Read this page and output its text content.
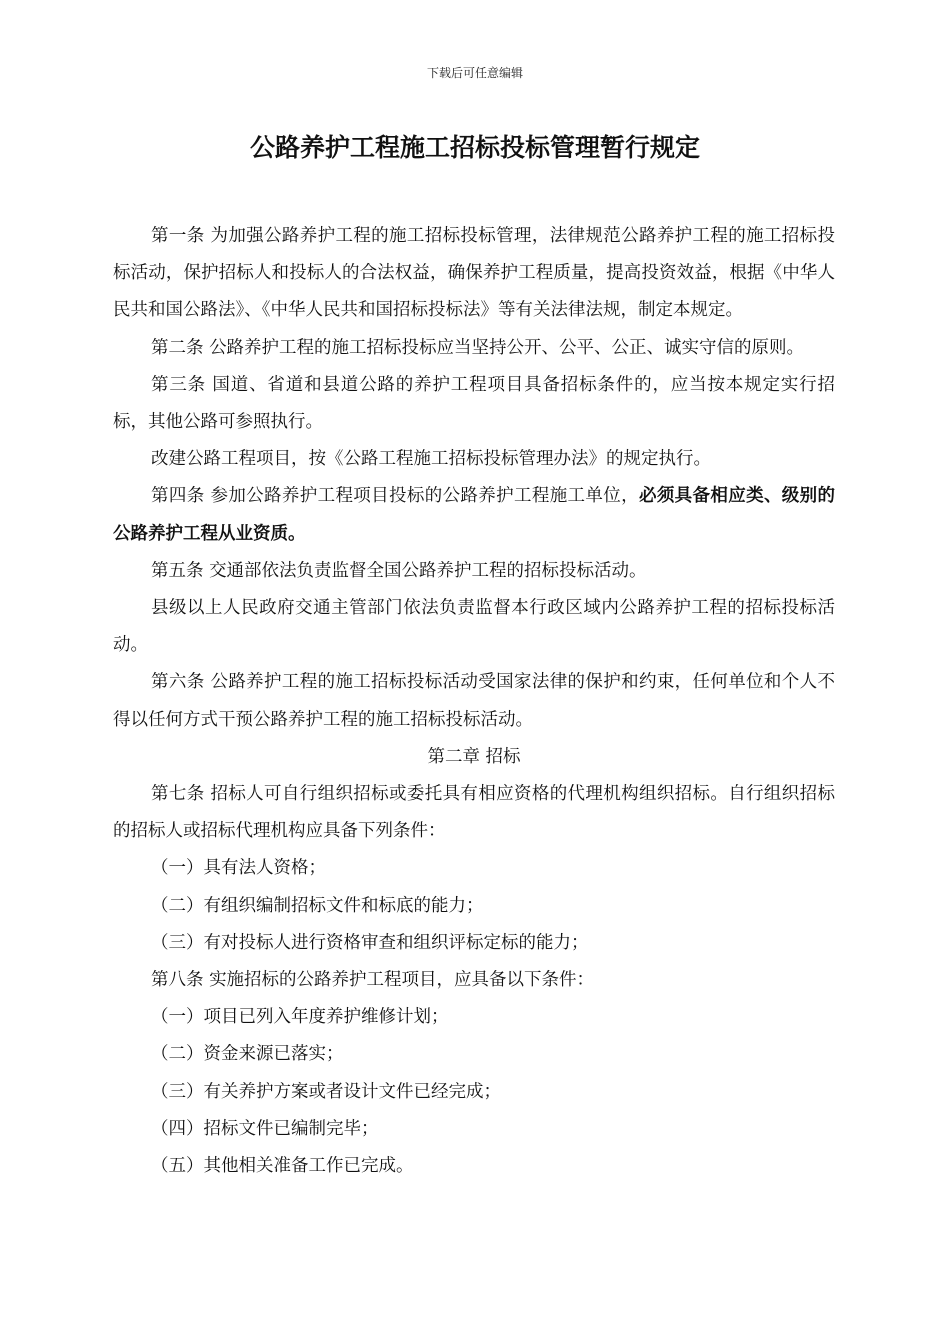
下载后可任意编辑
公路养护工程施工招标投标管理暂行规定

第一条 为加强公路养护工程的施工招标投标管理，法律规范公路养护工程的施工招标投标活动，保护招标人和投标人的合法权益，确保养护工程质量，提高投资效益，根据《中华人民共和国公路法》、《中华人民共和国招标投标法》等有关法律法规，制定本规定。

第二条 公路养护工程的施工招标投标应当坚持公开、公平、公正、诚实守信的原则。

第三条 国道、省道和县道公路的养护工程项目具备招标条件的，应当按本规定实行招标，其他公路可参照执行。

改建公路工程项目，按《公路工程施工招标投标管理办法》的规定执行。

第四条 参加公路养护工程项目投标的公路养护工程施工单位，必须具备相应类、级别的公路养护工程从业资质。

第五条 交通部依法负责监督全国公路养护工程的招标投标活动。

县级以上人民政府交通主管部门依法负责监督本行政区域内公路养护工程的招标投标活动。

第六条 公路养护工程的施工招标投标活动受国家法律的保护和约束，任何单位和个人不得以任何方式干预公路养护工程的施工招标投标活动。

第二章 招标

第七条 招标人可自行组织招标或委托具有相应资格的代理机构组织招标。自行组织招标的招标人或招标代理机构应具备下列条件：

（一）具有法人资格；

（二）有组织编制招标文件和标底的能力；

（三）有对投标人进行资格审查和组织评标定标的能力；

第八条 实施招标的公路养护工程项目，应具备以下条件：

（一）项目已列入年度养护维修计划；

（二）资金来源已落实；

（三）有关养护方案或者设计文件已经完成；

（四）招标文件已编制完毕；

（五）其他相关准备工作已完成。
